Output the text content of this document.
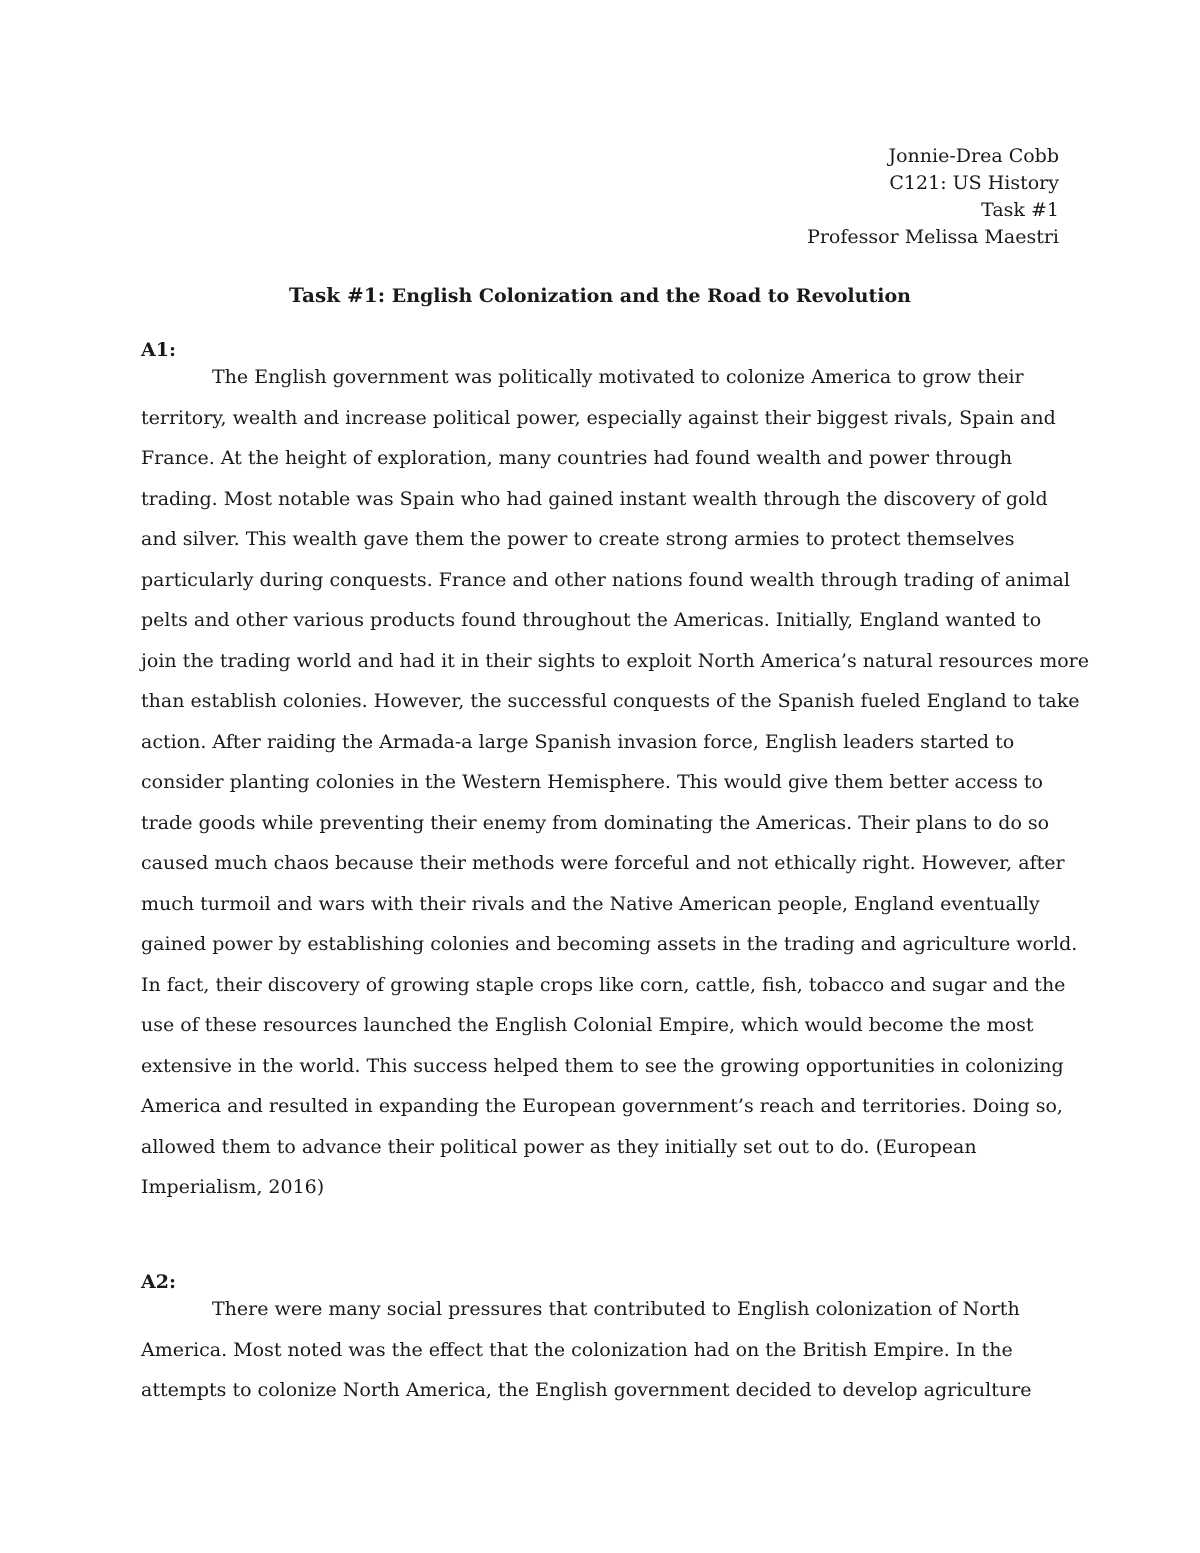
Jonnie-Drea Cobb
C121: US History
Task #1
Professor Melissa Maestri
Task #1: English Colonization and the Road to Revolution
A1:
The English government was politically motivated to colonize America to grow their
territory, wealth and increase political power, especially against their biggest rivals, Spain and
France. At the height of exploration, many countries had found wealth and power through
trading. Most notable was Spain who had gained instant wealth through the discovery of gold
and silver. This wealth gave them the power to create strong armies to protect themselves
particularly during conquests. France and other nations found wealth through trading of animal
pelts and other various products found throughout the Americas. Initially, England wanted to
join the trading world and had it in their sights to exploit North America’s natural resources more
than establish colonies. However, the successful conquests of the Spanish fueled England to take
action. After raiding the Armada-a large Spanish invasion force, English leaders started to
consider planting colonies in the Western Hemisphere. This would give them better access to
trade goods while preventing their enemy from dominating the Americas. Their plans to do so
caused much chaos because their methods were forceful and not ethically right. However, after
much turmoil and wars with their rivals and the Native American people, England eventually
gained power by establishing colonies and becoming assets in the trading and agriculture world.
In fact, their discovery of growing staple crops like corn, cattle, fish, tobacco and sugar and the
use of these resources launched the English Colonial Empire, which would become the most
extensive in the world. This success helped them to see the growing opportunities in colonizing
America and resulted in expanding the European government’s reach and territories. Doing so,
allowed them to advance their political power as they initially set out to do. (European
Imperialism, 2016)
A2:
There were many social pressures that contributed to English colonization of North
America. Most noted was the effect that the colonization had on the British Empire. In the
attempts to colonize North America, the English government decided to develop agriculture
